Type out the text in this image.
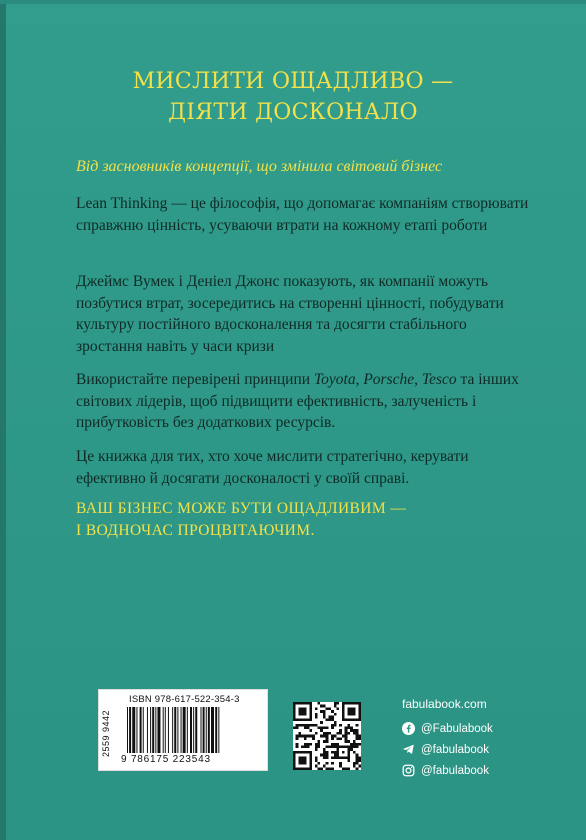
МИСЛИТИ ОЩАДЛИВО —
ДІЯТИ ДОСКОНАЛО
Від засновників концепції, що змінила світовий бізнес

Lean Thinking — це філософія, що допомагає компаніям створювати справжню цінність, усуваючи втрати на кожному етапі роботи

Джеймс Вумек і Деніел Джонс показують, як компанії можуть позбутися втрат, зосередитись на створенні цінності, побудувати культуру постійного вдосконалення та досягти стабільного зростання навіть у часи кризи

Використайте перевірені принципи Toyota, Porsche, Tesco та інших світових лідерів, щоб підвищити ефективність, залученість і прибутковість без додаткових ресурсів.

Це книжка для тих, хто хоче мислити стратегічно, керувати ефективно й досягати досконалості у своїй справі.

ВАШ БІЗНЕС МОЖЕ БУТИ ОЩАДЛИВИМ —
І ВОДНОЧАС ПРОЦВІТАЮЧИМ.
2559 9442
ISBN 978-617-522-354-3
9 786175 223543
fabulabook.com
@Fabulabook
@fabulabook
@fabulabook
